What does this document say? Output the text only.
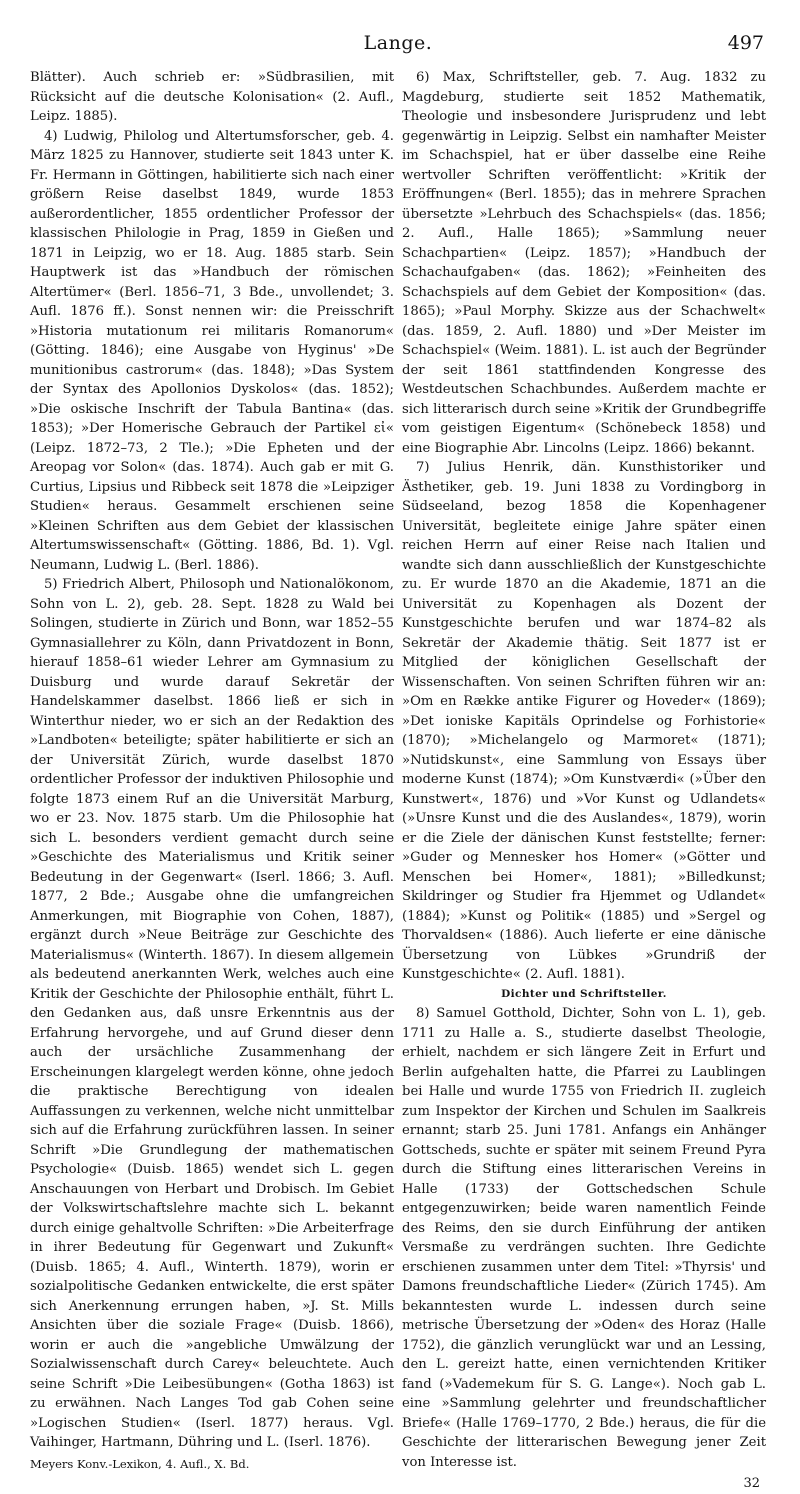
Lange.	497

Blätter). Auch schrieb er: »Südbrasilien, mit Rücksicht auf die deutsche Kolonisation« (2. Aufl., Leipz. 1885).

4) Ludwig, Philolog und Altertumsforscher, geb. 4. März 1825 zu Hannover, studierte seit 1843 unter K. Fr. Hermann in Göttingen, habilitierte sich nach einer größern Reise daselbst 1849, wurde 1853 außerordentlicher, 1855 ordentlicher Professor der klassischen Philologie in Prag, 1859 in Gießen und 1871 in Leipzig, wo er 18. Aug. 1885 starb. Sein Hauptwerk ist das »Handbuch der römischen Altertümer« (Berl. 1856–71, 3 Bde., unvollendet; 3. Aufl. 1876 ff.). Sonst nennen wir: die Preisschrift »Historia mutationum rei militaris Romanorum« (Götting. 1846); eine Ausgabe von Hyginus' »De munitionibus castrorum« (das. 1848); »Das System der Syntax des Apollonios Dyskolos« (das. 1852); »Die oskische Inschrift der Tabula Bantina« (das. 1853); »Der Homerische Gebrauch der Partikel εἰ« (Leipz. 1872–73, 2 Tle.); »Die Epheten und der Areopag vor Solon« (das. 1874). Auch gab er mit G. Curtius, Lipsius und Ribbeck seit 1878 die »Leipziger Studien« heraus. Gesammelt erschienen seine »Kleinen Schriften aus dem Gebiet der klassischen Altertumswissenschaft« (Götting. 1886, Bd. 1). Vgl. Neumann, Ludwig L. (Berl. 1886).

5) Friedrich Albert, Philosoph und Nationalökonom, Sohn von L. 2), geb. 28. Sept. 1828 zu Wald bei Solingen, studierte in Zürich und Bonn, war 1852–55 Gymnasiallehrer zu Köln, dann Privatdozent in Bonn, hierauf 1858–61 wieder Lehrer am Gymnasium zu Duisburg und wurde darauf Sekretär der Handelskammer daselbst. 1866 ließ er sich in Winterthur nieder, wo er sich an der Redaktion des »Landboten« beteiligte; später habilitierte er sich an der Universität Zürich, wurde daselbst 1870 ordentlicher Professor der induktiven Philosophie und folgte 1873 einem Ruf an die Universität Marburg, wo er 23. Nov. 1875 starb. Um die Philosophie hat sich L. besonders verdient gemacht durch seine »Geschichte des Materialismus und Kritik seiner Bedeutung in der Gegenwart« (Iserl. 1866; 3. Aufl. 1877, 2 Bde.; Ausgabe ohne die umfangreichen Anmerkungen, mit Biographie von Cohen, 1887), ergänzt durch »Neue Beiträge zur Geschichte des Materialismus« (Winterth. 1867). In diesem allgemein als bedeutend anerkannten Werk, welches auch eine Kritik der Geschichte der Philosophie enthält, führt L. den Gedanken aus, daß unsre Erkenntnis aus der Erfahrung hervorgehe, und auf Grund dieser denn auch der ursächliche Zusammenhang der Erscheinungen klargelegt werden könne, ohne jedoch die praktische Berechtigung von idealen Auffassungen zu verkennen, welche nicht unmittelbar sich auf die Erfahrung zurückführen lassen. In seiner Schrift »Die Grundlegung der mathematischen Psychologie« (Duisb. 1865) wendet sich L. gegen Anschauungen von Herbart und Drobisch. Im Gebiet der Volkswirtschaftslehre machte sich L. bekannt durch einige gehaltvolle Schriften: »Die Arbeiterfrage in ihrer Bedeutung für Gegenwart und Zukunft« (Duisb. 1865; 4. Aufl., Winterth. 1879), worin er sozialpolitische Gedanken entwickelte, die erst später sich Anerkennung errungen haben, »J. St. Mills Ansichten über die soziale Frage« (Duisb. 1866), worin er auch die »angebliche Umwälzung der Sozialwissenschaft durch Carey« beleuchtete. Auch seine Schrift »Die Leibesübungen« (Gotha 1863) ist zu erwähnen. Nach Langes Tod gab Cohen seine »Logischen Studien« (Iserl. 1877) heraus. Vgl. Vaihinger, Hartmann, Dühring und L. (Iserl. 1876).

Meyers Konv.-Lexikon, 4. Aufl., X. Bd.

6) Max, Schriftsteller, geb. 7. Aug. 1832 zu Magdeburg, studierte seit 1852 Mathematik, Theologie und insbesondere Jurisprudenz und lebt gegenwärtig in Leipzig. Selbst ein namhafter Meister im Schachspiel, hat er über dasselbe eine Reihe wertvoller Schriften veröffentlicht: »Kritik der Eröffnungen« (Berl. 1855); das in mehrere Sprachen übersetzte »Lehrbuch des Schachspiels« (das. 1856; 2. Aufl., Halle 1865); »Sammlung neuer Schachpartien« (Leipz. 1857); »Handbuch der Schachaufgaben« (das. 1862); »Feinheiten des Schachspiels auf dem Gebiet der Komposition« (das. 1865); »Paul Morphy. Skizze aus der Schachwelt« (das. 1859, 2. Aufl. 1880) und »Der Meister im Schachspiel« (Weim. 1881). L. ist auch der Begründer der seit 1861 stattfindenden Kongresse des Westdeutschen Schachbundes. Außerdem machte er sich litterarisch durch seine »Kritik der Grundbegriffe vom geistigen Eigentum« (Schönebeck 1858) und eine Biographie Abr. Lincolns (Leipz. 1866) bekannt.

7) Julius Henrik, dän. Kunsthistoriker und Ästhetiker, geb. 19. Juni 1838 zu Vordingborg in Südseeland, bezog 1858 die Kopenhagener Universität, begleitete einige Jahre später einen reichen Herrn auf einer Reise nach Italien und wandte sich dann ausschließlich der Kunstgeschichte zu. Er wurde 1870 an die Akademie, 1871 an die Universität zu Kopenhagen als Dozent der Kunstgeschichte berufen und war 1874–82 als Sekretär der Akademie thätig. Seit 1877 ist er Mitglied der königlichen Gesellschaft der Wissenschaften. Von seinen Schriften führen wir an: »Om en Række antike Figurer og Hoveder« (1869); »Det ioniske Kapitäls Oprindelse og Forhistorie« (1870); »Michelangelo og Marmoret« (1871); »Nutidskunst«, eine Sammlung von Essays über moderne Kunst (1874); »Om Kunstværdi« (»Über den Kunstwert«, 1876) und »Vor Kunst og Udlandets« (»Unsre Kunst und die des Auslandes«, 1879), worin er die Ziele der dänischen Kunst feststellte; ferner: »Guder og Mennesker hos Homer« (»Götter und Menschen bei Homer«, 1881); »Billedkunst; Skildringer og Studier fra Hjemmet og Udlandet« (1884); »Kunst og Politik« (1885) und »Sergel og Thorvaldsen« (1886). Auch lieferte er eine dänische Übersetzung von Lübkes »Grundriß der Kunstgeschichte« (2. Aufl. 1881).

Dichter und Schriftsteller.

8) Samuel Gotthold, Dichter, Sohn von L. 1), geb. 1711 zu Halle a. S., studierte daselbst Theologie, erhielt, nachdem er sich längere Zeit in Erfurt und Berlin aufgehalten hatte, die Pfarrei zu Laublingen bei Halle und wurde 1755 von Friedrich II. zugleich zum Inspektor der Kirchen und Schulen im Saalkreis ernannt; starb 25. Juni 1781. Anfangs ein Anhänger Gottscheds, suchte er später mit seinem Freund Pyra durch die Stiftung eines litterarischen Vereins in Halle (1733) der Gottschedschen Schule entgegenzuwirken; beide waren namentlich Feinde des Reims, den sie durch Einführung der antiken Versmaße zu verdrängen suchten. Ihre Gedichte erschienen zusammen unter dem Titel: »Thyrsis' und Damons freundschaftliche Lieder« (Zürich 1745). Am bekanntesten wurde L. indessen durch seine metrische Übersetzung der »Oden« des Horaz (Halle 1752), die gänzlich verunglückt war und an Lessing, den L. gereizt hatte, einen vernichtenden Kritiker fand (»Vademekum für S. G. Lange«). Noch gab L. eine »Sammlung gelehrter und freundschaftlicher Briefe« (Halle 1769–1770, 2 Bde.) heraus, die für die Geschichte der litterarischen Bewegung jener Zeit von Interesse ist.

32
